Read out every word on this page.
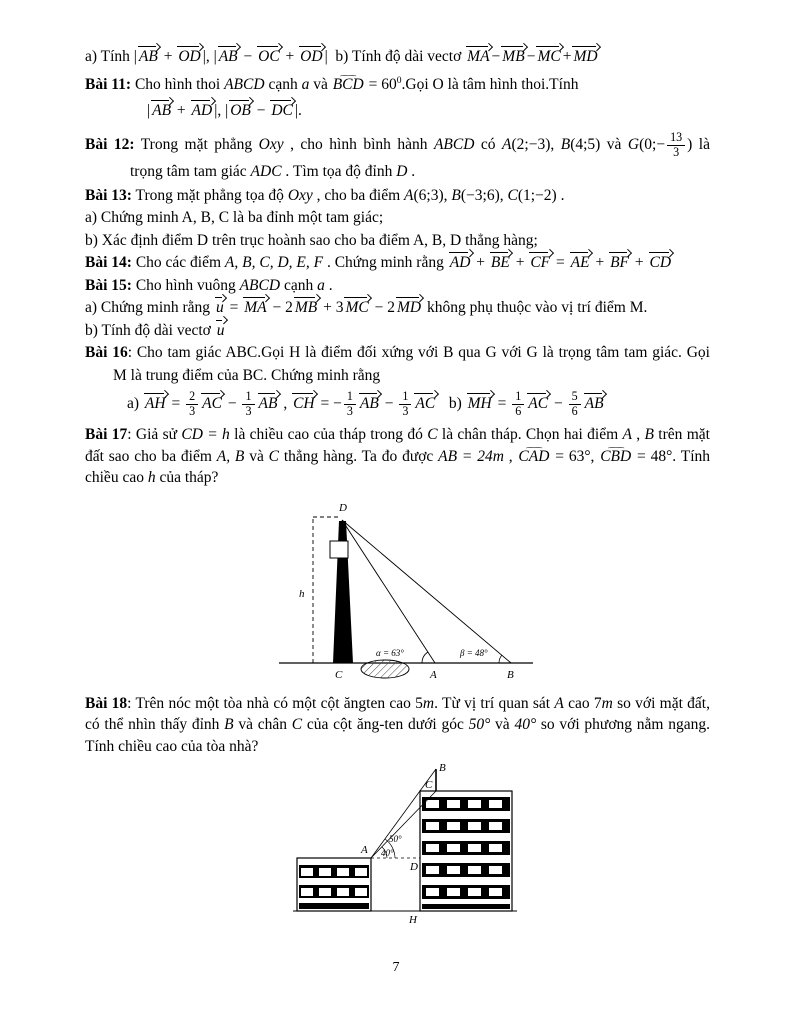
a) Tính | AB + OD |, | AB − OC + OD |  b) Tính độ dài vectơ MA − MB − MC + MD

Bài 11: Cho hình thoi ABCD cạnh a và ⌢ BCD = $60^0.Gọi$ O là tâm hình thoi.Tính

| AB + AD |, | OB − DC |.

Bài 12: Trong mặt phẳng Oxy , cho hình bình hành ABCD có A(2;−3), B(4;5) và G(0;− $\frac{13}{3}$ ) là

trọng tâm tam giác ADC . Tìm tọa độ đỉnh D .

Bài 13: Trong mặt phẳng tọa độ Oxy , cho ba điểm A(6;3), B(−3;6), C(1;−2) .

a) Chứng minh A, B, C là ba đỉnh một tam giác;

b) Xác định điểm D trên trục hoành sao cho ba điểm A, B, D thẳng hàng;

Bài 14: Cho các điểm A, B, C, D, E, F . Chứng minh rằng AD + BE + CF = AE + BF + CD

Bài 15: Cho hình vuông ABCD cạnh a .

a) Chứng minh rằng u = MA − 2 MB + 3 MC − 2 MD không phụ thuộc vào vị trí điểm M.

b) Tính độ dài vectơ u

Bài 16: Cho tam giác ABC.Gọi H là điểm đối xứng với B qua G với G là trọng tâm tam giác. Gọi

M là trung điểm của BC. Chứng minh rằng

a) AH = $\frac{2}{3}$ AC − $\frac{1}{3}$ AB , CH = − $\frac{1}{3}$ AB − $\frac{1}{3}$ AC   b) MH = $\frac{1}{6}$ AC − $\frac{5}{6}$ AB

Bài 17: Giả sử CD = h là chiều cao của tháp trong đó C là chân tháp. Chọn hai điểm A , B trên mặt đất sao cho ba điểm A, B và C thẳng hàng. Ta đo được AB = 24m , ⌢ CAD = 63°, ⌢ CBD = 48°. Tính chiều cao h của tháp?

D
h
C	A	B
α = 63°	β = 48°

Bài 18: Trên nóc một tòa nhà có một cột ăngten cao 5m. Từ vị trí quan sát A cao 7m so với mặt đất, có thể nhìn thấy đỉnh B và chân C của cột ăng-ten dưới góc 50° và 40° so với phương nằm ngang. Tính chiều cao của tòa nhà?

B
C
A
D
H
50°
40°
7
